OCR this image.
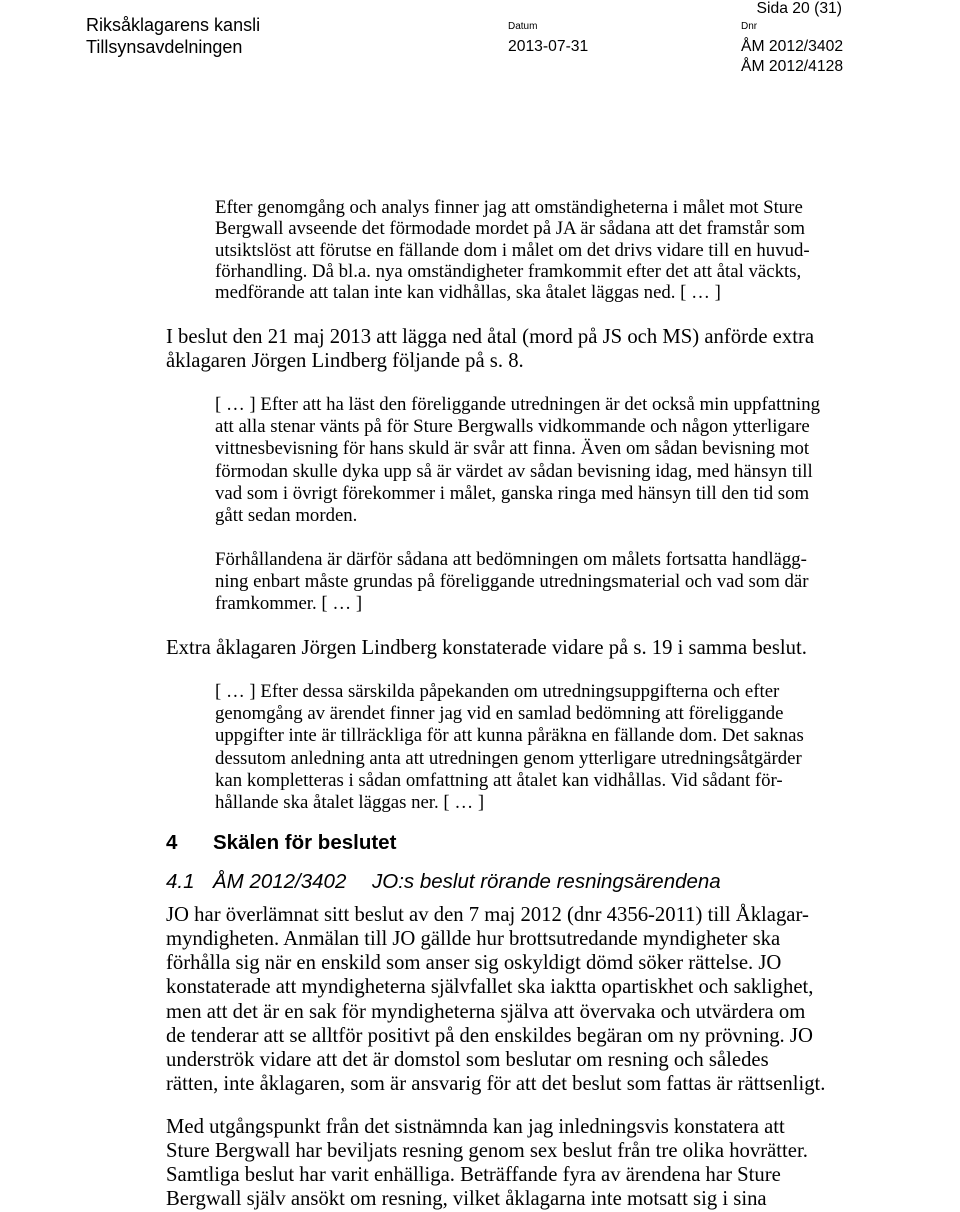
Sida 20 (31)
Riksåklagarens kansli
Tillsynsavdelningen
Datum
2013-07-31
Dnr
ÅM 2012/3402
ÅM 2012/4128
Efter genomgång och analys finner jag att omständigheterna i målet mot Sture
Bergwall avseende det förmodade mordet på JA är sådana att det framstår som
utsiktslöst att förutse en fällande dom i målet om det drivs vidare till en huvud-
förhandling. Då bl.a. nya omständigheter framkommit efter det att åtal väckts,
medförande att talan inte kan vidhållas, ska åtalet läggas ned. [ … ]
I beslut den 21 maj 2013 att lägga ned åtal (mord på JS och MS) anförde extra
åklagaren Jörgen Lindberg följande på s. 8.
[ … ] Efter att ha läst den föreliggande utredningen är det också min uppfattning
att alla stenar vänts på för Sture Bergwalls vidkommande och någon ytterligare
vittnesbevisning för hans skuld är svår att finna. Även om sådan bevisning mot
förmodan skulle dyka upp så är värdet av sådan bevisning idag, med hänsyn till
vad som i övrigt förekommer i målet, ganska ringa med hänsyn till den tid som
gått sedan morden.
Förhållandena är därför sådana att bedömningen om målets fortsatta handlägg-
ning enbart måste grundas på föreliggande utredningsmaterial och vad som där
framkommer. [ … ]
Extra åklagaren Jörgen Lindberg konstaterade vidare på s. 19 i samma beslut.
[ … ] Efter dessa särskilda påpekanden om utredningsuppgifterna och efter
genomgång av ärendet finner jag vid en samlad bedömning att föreliggande
uppgifter inte är tillräckliga för att kunna påräkna en fällande dom. Det saknas
dessutom anledning anta att utredningen genom ytterligare utredningsåtgärder
kan kompletteras i sådan omfattning att åtalet kan vidhållas. Vid sådant för-
hållande ska åtalet läggas ner. [ … ]
4 Skälen för beslutet
4.1 ÅM 2012/3402 JO:s beslut rörande resningsärendena
JO har överlämnat sitt beslut av den 7 maj 2012 (dnr 4356-2011) till Åklagar-
myndigheten. Anmälan till JO gällde hur brottsutredande myndigheter ska
förhålla sig när en enskild som anser sig oskyldigt dömd söker rättelse. JO
konstaterade att myndigheterna självfallet ska iaktta opartiskhet och saklighet,
men att det är en sak för myndigheterna själva att övervaka och utvärdera om
de tenderar att se alltför positivt på den enskildes begäran om ny prövning. JO
underströk vidare att det är domstol som beslutar om resning och således
rätten, inte åklagaren, som är ansvarig för att det beslut som fattas är rättsenligt.
Med utgångspunkt från det sistnämnda kan jag inledningsvis konstatera att
Sture Bergwall har beviljats resning genom sex beslut från tre olika hovrätter.
Samtliga beslut har varit enhälliga. Beträffande fyra av ärendena har Sture
Bergwall själv ansökt om resning, vilket åklagarna inte motsatt sig i sina
